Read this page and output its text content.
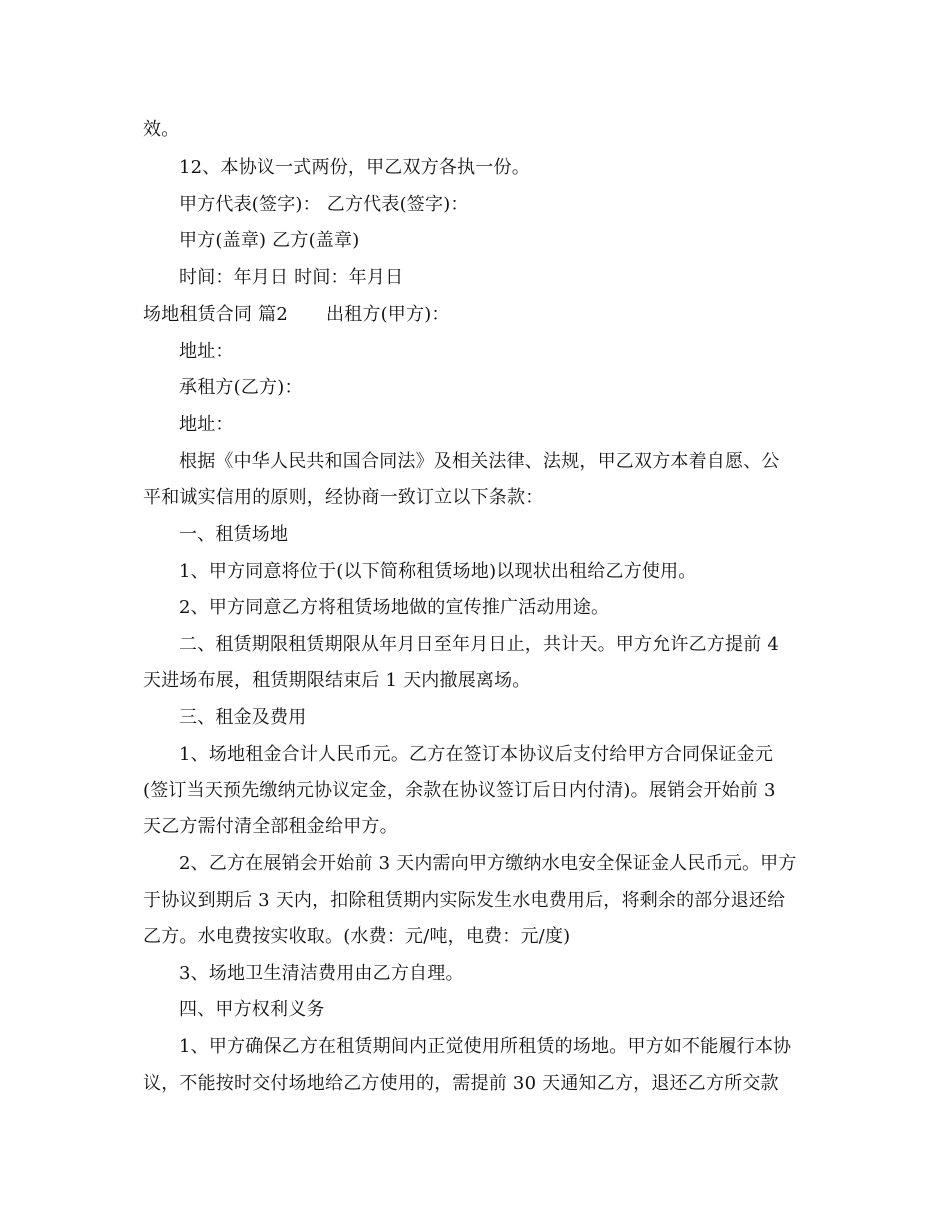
效。
12、本协议一式两份，甲乙双方各执一份。
甲方代表(签字)： 乙方代表(签字)：
甲方(盖章) 乙方(盖章)
时间：年月日 时间：年月日
场地租赁合同 篇2 出租方(甲方)：
地址：
承租方(乙方)：
地址：
根据《中华人民共和国合同法》及相关法律、法规，甲乙双方本着自愿、公
平和诚实信用的原则，经协商一致订立以下条款：
一、租赁场地
1、甲方同意将位于(以下简称租赁场地)以现状出租给乙方使用。
2、甲方同意乙方将租赁场地做的宣传推广活动用途。
二、租赁期限租赁期限从年月日至年月日止，共计天。甲方允许乙方提前 4
天进场布展，租赁期限结束后 1 天内撤展离场。
三、租金及费用
1、场地租金合计人民币元。乙方在签订本协议后支付给甲方合同保证金元
(签订当天预先缴纳元协议定金，余款在协议签订后日内付清)。展销会开始前 3
天乙方需付清全部租金给甲方。
2、乙方在展销会开始前 3 天内需向甲方缴纳水电安全保证金人民币元。甲方
于协议到期后 3 天内，扣除租赁期内实际发生水电费用后，将剩余的部分退还给
乙方。水电费按实收取。(水费：元/吨，电费：元/度)
3、场地卫生清洁费用由乙方自理。
四、甲方权利义务
1、甲方确保乙方在租赁期间内正觉使用所租赁的场地。甲方如不能履行本协
议，不能按时交付场地给乙方使用的，需提前 30 天通知乙方，退还乙方所交款
